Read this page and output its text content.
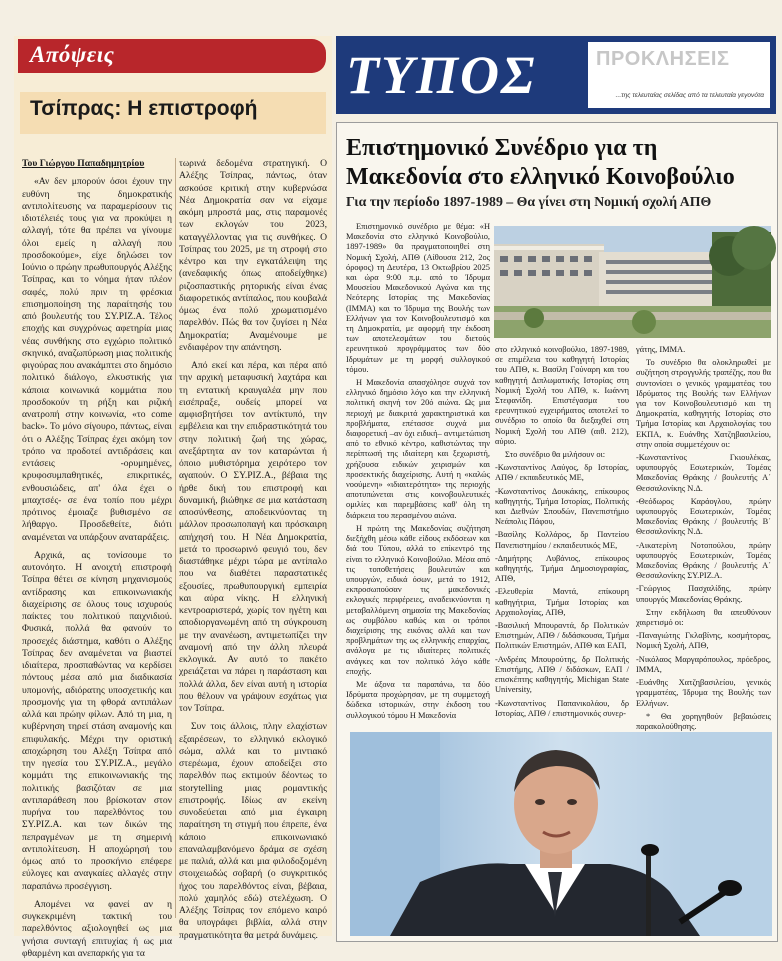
Απόψεις
Τσίπρας: Η επιστροφή

Του Γιώργου Παπαδημητρίου

«Αν δεν μπορούν όσοι έχουν την ευθύνη της δημοκρατικής αντιπολίτευσης να παραμερίσουν τις ιδιοτέλειές τους για να προκύψει η αλλαγή, τότε θα πρέπει να γίνουμε όλοι εμείς η αλλαγή που προσδοκούμε», είχε δηλώσει τον Ιούνιο ο πρώην πρωθυπουργός Αλέξης Τσίπρας, και το νόημα ήταν πλέον σαφές, πολύ πριν τη φρέσκια επισημοποίηση της παραίτησής του από βουλευτής του ΣΥ.ΡΙΖ.Α. Τέλος εποχής και συγχρόνως αφετηρία μιας νέας συνθήκης στο εγχώριο πολιτικό σκηνικό, αναζωπύρωση μιας πολιτικής φιγούρας που ανακάμπτει στο δημόσιο πολιτικό διάλογο, ελκυστικής για κάποια κοινωνικά κομμάτια που προσδοκούν τη ρήξη και ριζική ανατροπή στην κοινωνία, «το come back». Το μόνο σίγουρο, πάντως, είναι ότι ο Αλέξης Τσίπρας έχει ακόμη τον τρόπο να προδοτεί αντιδράσεις και εντάσεις -ορυμημένες, κρυφοσυμπαθητικές, επικριτικές, ενθουσιώδεις, απ' όλα έχει ο μπαχτσές- σε ένα τοπίο που μέχρι πρότινος έμοιαζε βυθισμένο σε λήθαργο. Προσδεθείτε, διότι αναμένεται να υπάρξουν αναταράξεις.

Αρχικά, ας τονίσουμε το αυτονόητο. Η ανοιχτή επιστροφή Τσίπρα θέτει σε κίνηση μηχανισμούς αντίδρασης και επικοινωνιακής διαχείρισης σε όλους τους ισχυρούς παίκτες του πολιτικού παιχνιδιού. Φυσικά, πολλά θα φανούν το προσεχές διάστημα, καθότι ο Αλέξης Τσίπρας δεν αναμένεται να βιαστεί ιδιαίτερα, προσπαθώντας να κερδίσει πόντους μέσα από μια διαδικασία υπομονής, αδιόρατης υποσχετικής και προσμονής για τη φθορά αντιπάλων αλλά και πρώην φίλων. Από τη μια, η κυβέρνηση τηρεί στάση αναμονής και επιφυλακής. Μέχρι την οριστική αποχώρηση του Αλέξη Τσίπρα από την ηγεσία του ΣΥ.ΡΙΖ.Α., μεγάλο κομμάτι της επικοινωνιακής της πολιτικής βασιζόταν σε μια αντιπαράθεση που βρίσκοταν στον πυρήνα του παρελθόντος του ΣΥ.ΡΙΖ.Α. και των δικών της πεπραγμένων με τη σημερινή αντιπολίτευση. Η αποχώρησή του όμως από το προσκήνιο επέφερε εύλογες και αναγκαίες αλλαγές στην παραπάνω προσέγγιση.

Απομένει να φανεί αν η συγκεκριμένη τακτική του παρελθόντος αξιολογηθεί ως μια γνήσια συνταγή επιτυχίας ή ως μια φθαρμένη και ανεπαρκής για τα

τωρινά δεδομένα στρατηγική. Ο Αλέξης Τσίπρας, πάντως, όταν ασκούσε κριτική στην κυβερνώσα Νέα Δημοκρατία σαν να είχαμε ακόμη μπροστά μας, στις παραμονές των εκλογών του 2023, καταγγέλλοντας για τις συνθήκες. Ο Τσίπρας του 2025, με τη στροφή στο κέντρο και την εγκατάλειψη της (ανεδαφικής όπως αποδείχθηκε) ριζοσπαστικής ρητορικής είναι ένας διαφορετικός αντίπαλος, που κουβαλά όμως ένα πολύ χρωματισμένο παρελθόν. Πώς θα τον ζυγίσει η Νέα Δημοκρατία; Αναμένουμε με ενδιαφέρον την απάντηση.

Από εκεί και πέρα, και πέρα από την αρχική μεταφυσική λαχτάρα και τη εντατική κραυγαλέα μην που εισέπραξε, ουδείς μπορεί να αμφισβητήσει τον αντίκτυπό, την εμβέλεια και την επιδραστικότητά του στην πολιτική ζωή της χώρας, ανεξάρτητα αν τον καταρώνται ή όποιο μυθιστόρημα χειρότερο τον αγαπούν. Ο ΣΥ.ΡΙΖ.Α., βέβαια της ήρθε δική του επιστροφή και δυναμική, βιώθηκε σε μια κατάσταση αποσύνθεσης, αποδεικνύοντας τη μάλλον προσωποπαγή και πρόσκαιρη απήχησή του. Η Νέα Δημοκρατία, μετά το προσωρινό φευγιό του, δεν διαστάθηκε μέχρι τώρα με αντίπαλο που να διαθέτει παραστατικές εξουσίες, πρωθυπουργική εμπειρία και αύρα νίκης. Η ελληνική κεντροαριστερά, χωρίς τον ηγέτη και αποδιοργανωμένη από τη σύγκρουση με την ανανέωση, αντιμετωπίζει την αναμονή από την άλλη πλευρά εκλογικά. Αν αυτό το πακέτο χρειάζεται να πάρει η παράσταση και πολλά άλλα, δεν είναι αυτή η ιστορία που θέλουν να γράψουν εσχάτως για τον Τσίπρα.

Συν τοις άλλοις, πλην ελαχίστων εξαιρέσεων, το ελληνικό εκλογικό σώμα, αλλά και το μιντιακό στερέωμα, έχουν αποδείξει στο παρελθόν πως εκτιμούν δέοντως το storytelling μιας ρομαντικής επιστροφής. Ιδίως αν εκείνη συνοδεύεται από μια έγκαιρη παραίτηση τη στιγμή που έπρεπε, ένα κάποιο επικοινωνιακό επαναλαμβανόμενο δράμα σε σχέση με παλιά, αλλά και μια φιλοδοξομένη στοιχειωδώς σοβαρή (ο συγκριτικός ήχος του παρελθόντος είναι, βέβαια, πολύ χαμηλός εδώ) στελέχωση. Ο Αλέξης Τσίπρας τον επόμενο καιρό θα υπογράφει βιβλία, αλλά στην πραγματικότητα θα μετρά δυνάμεις.

ΤΥΠΟΣ	ΠΡΟΚΛΗΣΕΙΣ
...της τελευταίας σελίδας από τα τελευταία γεγονότα
Επιστημονικό Συνέδριο για τη Μακεδονία στο ελληνικό Κοινοβούλιο
Για την περίοδο 1897-1989 – Θα γίνει στη Νομική σχολή ΑΠΘ

Επιστημονικό συνέδριο με θέμα: «Η Μακεδονία στο ελληνικό Κοινοβούλιο, 1897-1989» θα πραγματοποιηθεί στη Νομική Σχολή, ΑΠΘ (Αίθουσα 212, 2ος όροφος) τη Δευτέρα, 13 Οκτωβρίου 2025 και ώρα 9:00 π.μ. από το Ίδρυμα Μουσείου Μακεδονικού Αγώνα και της Νεότερης Ιστορίας της Μακεδονίας (ΙΜΜΑ) και το Ίδρυμα της Βουλής των Ελλήνων για τον Κοινοβουλευτισμό και τη Δημοκρατία, με αφορμή την έκδοση των αποτελεσμάτων του διετούς ερευνητικού προγράμματος των δύο Ιδρυμάτων με τη μορφή συλλογικού τόμου.

Η Μακεδονία απασχόλησε συχνά τον ελληνικό δημόσιο λόγο και την ελληνική πολιτική σκηνή τον 20ό αιώνα. Ως μια περιοχή με διακριτά χαρακτηριστικά και προβλήματα, επέτασσε συχνά μια διαφορετική –αν όχι ειδική– αντιμετώπιση από το εθνικό κέντρο, καθιστώντας την περίπτωσή της ιδιαίτερη και ξεχωριστή, χρήζουσα ειδικών χειρισμών και προσεκτικής διαχείρισης. Αυτή η «καλώς νοούμενη» «ιδιαιτερότητα» της περιοχής αποτυπώνεται στις κοινοβουλευτικές ομιλίες και παρεμβάσεις καθ' όλη τη διάρκεια του περασμένου αιώνα.

Η πρώτη της Μακεδονίας συζήτηση διεξήχθη μέσω κάθε είδους εκδόσεων και διά του Τύπου, αλλά το επίκεντρό της είναι το ελληνικό Κοινοβούλιο. Μέσα από τις τοποθετήσεις βουλευτών και υπουργών, ειδικά όσων, μετά το 1912, εκπροσωπούσαν τις μακεδονικές εκλογικές περιφέρειες, αναδεικνύονται η μεταβαλλόμενη σημασία της Μακεδονίας ως συμβόλου καθώς και οι τρόποι διαχείρισης της εικόνας αλλά και των προβλημάτων της ως ελληνικής επαρχίας, ανάλογα με τις ιδιαίτερες πολιτικές ανάγκες και τον πολιτικό λόγο κάθε εποχής.

Με άξονα τα παραπάνω, τα δύο Ιδρύματα προχώρησαν, με τη συμμετοχή δώδεκα ιστορικών, στην έκδοση του συλλογικού τόμου Η Μακεδονία

στο ελληνικό κοινοβούλιο, 1897-1989, σε επιμέλεια του καθηγητή Ιστορίας του ΑΠΘ, κ. Βασίλη Γούναρη και του καθηγητή Διπλωματικής Ιστορίας στη Νομική Σχολή του ΑΠΘ, κ. Ιωάννη Στεφανίδη. Επιστέγασμα του ερευνητικού εγχειρήματος αποτελεί το συνέδριο το οποίο θα διεξαχθεί στη Νομική Σχολή του ΑΠΘ (αιθ. 212), αύριο.

Στο συνέδριο θα μιλήσουν οι:

-Κωνσταντίνος Λαύγος, δρ Ιστορίας, ΑΠΘ / εκπαιδευτικός ΜΕ,

-Κωνσταντίνος Δουκάκης, επίκουρος καθηγητής, Τμήμα Ιστορίας, Πολιτικής και Διεθνών Σπουδών, Πανεπιστήμιο Νεάπολις Πάφου,

-Βασίλης Κολλάρος, δρ Παντείου Πανεπιστημίου / εκπαιδευτικός ΜΕ,

-Δημήτρης Λυβάνιος, επίκουρος καθηγητής, Τμήμα Δημοσιογραφίας, ΑΠΘ,

-Ελευθερία Μαντά, επίκουρη καθηγήτρια, Τμήμα Ιστορίας και Αρχαιολογίας, ΑΠΘ,

-Βασιλική Μπουραντά, δρ Πολιτικών Επιστημών, ΑΠΘ / διδάσκουσα, Τμήμα Πολιτικών Επιστημών, ΑΠΘ και ΕΑΠ,

-Ανδρέας Μπουρούτης, δρ Πολιτικής Επιστήμης, ΑΠΘ / διδάσκων, ΕΑΠ / επισκέπτης καθηγητής, Michigan State University,

-Κωνσταντίνος Παπανικολάου, δρ Ιστορίας, ΑΠΘ / επιστημονικός συνερ-

γάτης, ΙΜΜΑ.

Το συνέδριο θα ολοκληρωθεί με συζήτηση στρογγυλής τραπέζης, που θα συντονίσει ο γενικός γραμματέας του Ιδρύματος της Βουλής των Ελλήνων για τον Κοινοβουλευτισμό και τη Δημοκρατία, καθηγητής Ιστορίας στο Τμήμα Ιστορίας και Αρχαιολογίας του ΕΚΠΑ, κ. Ευάνθης Χατζηβασιλείου, στην οποία συμμετέχουν οι:

-Κωνσταντίνος Γκιουλέκας, υφυπουργός Εσωτερικών, Τομέας Μακεδονίας Θράκης / βουλευτής Α΄ Θεσσαλονίκης Ν.Δ.

-Θεόδωρος Καράογλου, πρώην υφυπουργός Εσωτερικών, Τομέας Μακεδονίας Θράκης / βουλευτής Β΄ Θεσσαλονίκης Ν.Δ.

-Αικατερίνη Νοτοπούλου, πρώην υφυπουργός Εσωτερικών, Τομέας Μακεδονίας Θράκης / βουλευτής Α΄ Θεσσαλονίκης ΣΥ.ΡΙΖ.Α.

-Γεώργιος Πασχαλίδης, πρώην υπουργός Μακεδονίας Θράκης.

Στην εκδήλωση θα απευθύνουν χαιρετισμό οι:

-Παναγιώτης Γκλαβίνης, κοσμήτορας, Νομική Σχολή, ΑΠΘ,

-Νικόλαος Μαργαρόπουλος, πρόεδρος, ΙΜΜΑ,

-Ευάνθης Χατζηβασιλείου, γενικός γραμματέας, Ίδρυμα της Βουλής των Ελλήνων.

* Θα χορηγηθούν βεβαιώσεις παρακολούθησης.
